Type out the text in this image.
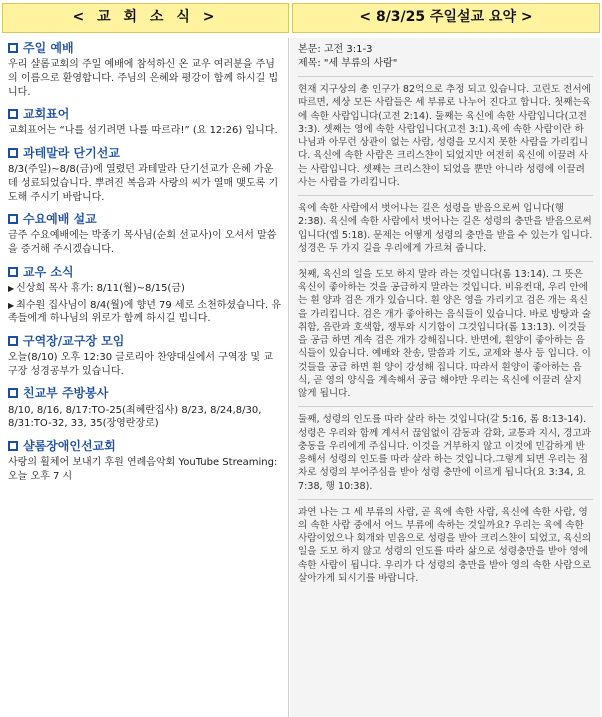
< 교 회 소 식 >	< 8/3/25 주일설교 요약 >
주일 예배
우리 샬롬교회의 주일 예배에 참석하신 온 교우 여러분을 주님의 이름으로 환영합니다. 주님의 은혜와 평강이 함께 하시길 빕니다.
교회표어
교회표어는 “나를 섬기려면 나를 따르라!” (요 12:26) 입니다.
과테말라 단기선교
8/3(주일)~8/8(금)에 열렸던 과테말라 단기선교가 은혜 가운데 성료되었습니다. 뿌려진 복음과 사랑의 씨가 열매 맺도록 기도해 주시기 바랍니다.
수요예배 설교
금주 수요예배에는 박종기 목사님(순회 선교사)이 오셔서 말씀을 증거해 주시겠습니다.
교우 소식
▶ 신상희 목사 휴가: 8/11(월)~8/15(금)
▶ 최수원 집사님이 8/4(월)에 향년 79 세로 소천하셨습니다. 유족들에게 하나님의 위로가 함께 하시길 빕니다.
구역장/교구장 모임
오늘(8/10) 오후 12:30 글로리아 찬양대실에서 구역장 및 교구장 성경공부가 있습니다.
친교부 주방봉사
8/10, 8/16, 8/17:TO-25(최혜란집사) 8/23, 8/24,8/30, 8/31:TO-32, 33, 35(장영란장로)
샬롬장애인선교회
사랑의 횔체어 보내기 후원 연례음악회 YouTube Streaming: 오늘 오후 7 시
본문: 고전 3:1-3
제목: "세 부류의 사람"
현재 지구상의 총 인구가 82억으로 추정 되고 있습니다. 고린도 전서에 따르면, 세상 모든 사람들은 세 부류로 나누어 진다고 합니다. 첫째는육에 속한 사람입니다(고전 2:14). 둘째는 육신에 속한 사람입니다(고전 3:3). 셋째는 영에 속한 사람입니다(고전 3:1).육에 속한 사람이란 하나님과 아무런 상관이 없는 사람, 성령을 모시지 못한 사람을 가리킵니다. 육신에 속한 사람은 크리스챤이 되었지만 여전히 육신에 이끌려 사는 사람입니다. 셋째는 크리스챤이 되었을 뿐만 아니라 성령에 이끌려 사는 사람을 가리킵니다.
육에 속한 사람에서 벗어나는 길은 성령을 받음으로써 입니다(행 2:38). 육신에 속한 사람에서 벗어나는 길은 성령의 충만을 받음으로써 입니다(엡 5:18). 문제는 어떻게 성령의 충만을 받을 수 있는가 입니다. 성경은 두 가지 길을 우리에게 가르쳐 줍니다.
첫째, 육신의 일을 도모 하지 말라 라는 것입니다(롬 13:14). 그 뜻은 육신이 좋아하는 것을 공급하지 말라는 것입니다. 비유컨대, 우리 안에는 흰 양과 검은 개가 있습니다. 흰 양은 영을 가리키고 검은 개는 육신을 가리킵니다. 검은 개가 좋아하는 음식들이 있습니다. 바로 방탕과 술취함, 음란과 호색함, 쟁투와 시기함이 그것입니다(롬 13:13). 이것들을 공급 하면 계속 검은 개가 강해집니다. 반면에, 흰양이 좋아하는 음식들이 있습니다. 예배와 찬송, 말씀과 기도, 교제와 봉사 등 입니다. 이것들을 공급 하면 흰 양이 강성해 집니다. 따라서 흰양이 좋아하는 음식, 곧 영의 양식을 계속해서 공급 해야만 우리는 육신에 이끌려 살지 않게 됩니다.
둘째, 성령의 인도를 따라 살라 하는 것입니다(갈 5:16, 롬 8:13-14). 성령은 우리와 함께 계셔서 끊임없이 감동과 감화, 교통과 지시, 경고과 충동을 우리에게 주십니다. 이것을 거부하지 않고 이것에 민감하게 반응해서 성령의 인도를 따라 살라 하는 것입니다.그렇게 되면 우리는 점차로 성령의 부어주심을 받아 성령 충만에 이르게 됩니다(요 3:34, 요 7:38, 행 10:38).
과연 나는 그 세 부류의 사람, 곧 육에 속한 사람, 육신에 속한 사람, 영의 속한 사람 중에서 어느 부류에 속하는 것일까요? 우리는 육에 속한 사람이었으나 회개와 믿음으로 성령을 받아 크리스챤이 되었고, 육신의 일을 도모 하지 않고 성령의 인도를 따라 삶으로 성령충만을 받아 영에 속한 사람이 됩니다. 우리가 다 성령의 충만을 받아 영의 속한 사람으로 살아가게 되시기를 바랍니다.
